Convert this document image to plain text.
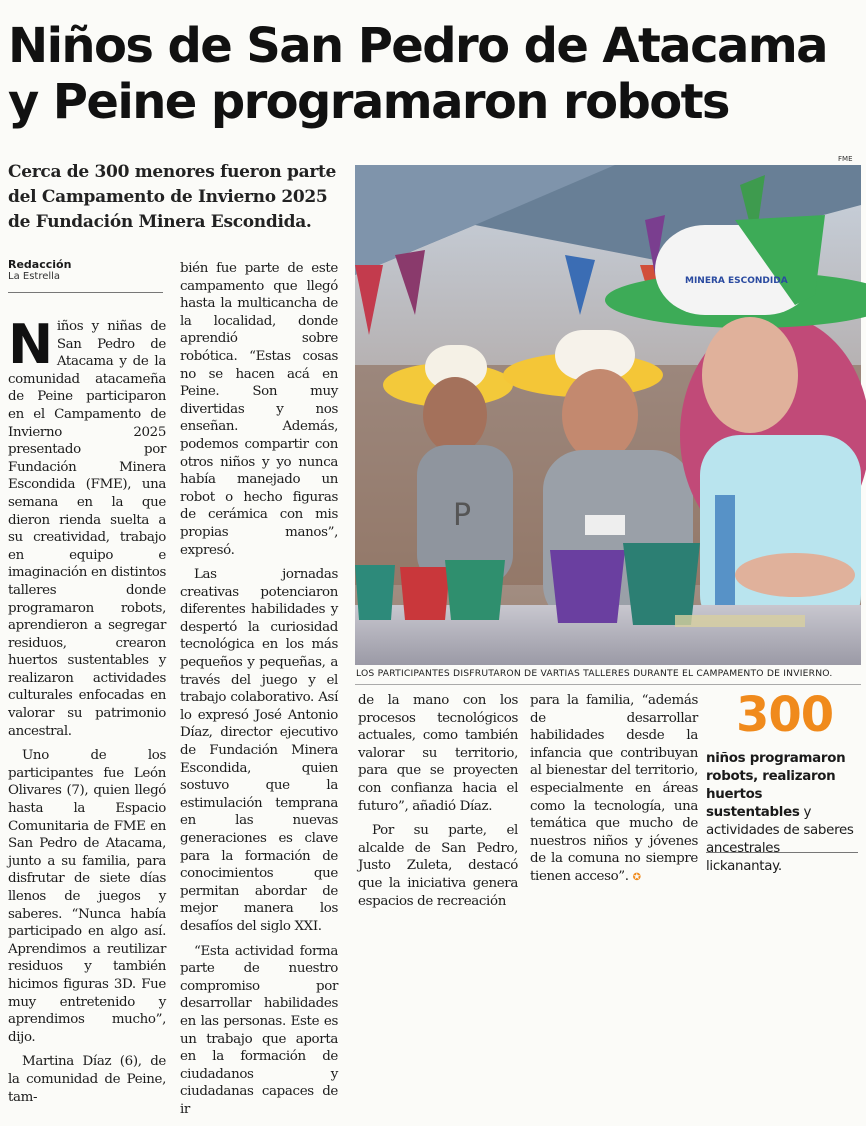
Niños de San Pedro de Atacama
y Peine programaron robots
Cerca de 300 menores fueron parte del Campamento de Invierno 2025 de Fundación Minera Escondida.
Redacción
La Estrella

Niños y niñas de San Pedro de Atacama y de la comunidad atacameña de Peine participaron en el Campamento de Invierno 2025 presentado por Fundación Minera Escondida (FME), una semana en la que dieron rienda suelta a su creatividad, trabajo en equipo e imaginación en distintos talleres donde programaron robots, aprendieron a segregar residuos, crearon huertos sustentables y realizaron actividades culturales enfocadas en valorar su patrimonio ancestral.

Uno de los participantes fue León Olivares (7), quien llegó hasta la Espacio Comunitaria de FME en San Pedro de Atacama, junto a su familia, para disfrutar de siete días llenos de juegos y saberes. “Nunca había participado en algo así. Aprendimos a reutilizar residuos y también hicimos figuras 3D. Fue muy entretenido y aprendimos mucho”, dijo.

Martina Díaz (6), de la comunidad de Peine, tam-

bién fue parte de este campamento que llegó hasta la multicancha de la localidad, donde aprendió sobre robótica. “Estas cosas no se hacen acá en Peine. Son muy divertidas y nos enseñan. Además, podemos compartir con otros niños y yo nunca había manejado un robot o hecho figuras de cerámica con mis propias manos”, expresó.

Las jornadas creativas potenciaron diferentes habilidades y despertó la curiosidad tecnológica en los más pequeños y pequeñas, a través del juego y el trabajo colaborativo. Así lo expresó José Antonio Díaz, director ejecutivo de Fundación Minera Escondida, quien sostuvo que la estimulación temprana en las nuevas generaciones es clave para la formación de conocimientos que permitan abordar de mejor manera los desafíos del siglo XXI.

“Esta actividad forma parte de nuestro compromiso por desarrollar habilidades en las personas. Este es un trabajo que aporta en la formación de ciudadanos y ciudadanas capaces de ir

FME
P
MINERA ESCONDIDA
LOS PARTICIPANTES DISFRUTARON DE VARTIAS TALLERES DURANTE EL CAMPAMENTO DE INVIERNO.

de la mano con los procesos tecnológicos actuales, como también valorar su territorio, para que se proyecten con confianza hacia el futuro”, añadió Díaz.

Por su parte, el alcalde de San Pedro, Justo Zuleta, destacó que la iniciativa genera espacios de recreación

para la familia, “además de desarrollar habilidades desde la infancia que contribuyan al bienestar del territorio, especialmente en áreas como la tecnología, una temática que mucho de nuestros niños y jóvenes de la comuna no siempre tienen acceso”. ✪

300
niños programaron robots, realizaron huertos sustentables y actividades de saberes ancestrales lickanantay.
